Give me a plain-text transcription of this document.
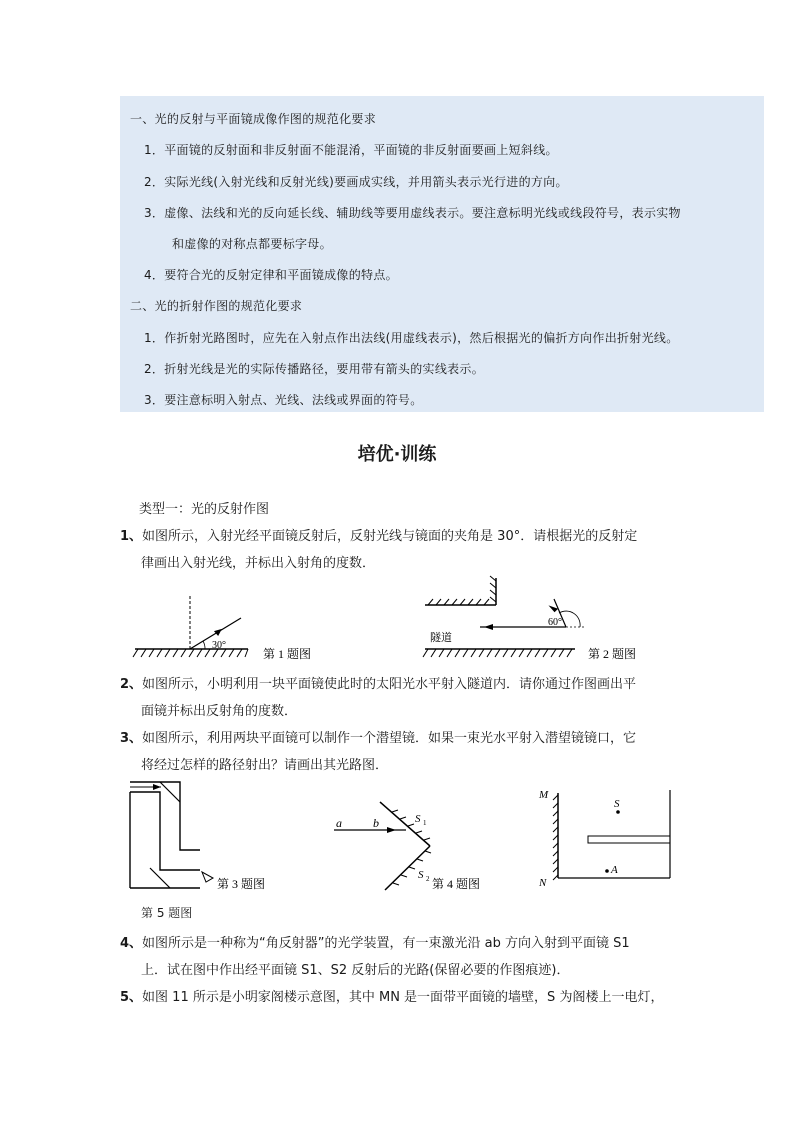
一、光的反射与平面镜成像作图的规范化要求
1．平面镜的反射面和非反射面不能混淆，平面镜的非反射面要画上短斜线。
2．实际光线(入射光线和反射光线)要画成实线，并用箭头表示光行进的方向。
3．虚像、法线和光的反向延长线、辅助线等要用虚线表示。要注意标明光线或线段符号，表示实物
和虚像的对称点都要标字母。
4．要符合光的反射定律和平面镜成像的特点。
二、光的折射作图的规范化要求
1．作折射光路图时，应先在入射点作出法线(用虚线表示)，然后根据光的偏折方向作出折射光线。
2．折射光线是光的实际传播路径，要用带有箭头的实线表示。
3．要注意标明入射点、光线、法线或界面的符号。
培优·训练
类型一：光的反射作图
1、如图所示，入射光经平面镜反射后，反射光线与镜面的夹角是 30°．请根据光的反射定
律画出入射光线，并标出入射角的度数．
30°
第 1 题图
60°
隧道
第 2 题图
2、如图所示，小明利用一块平面镜使此时的太阳光水平射入隧道内．请你通过作图画出平
面镜并标出反射角的度数．
3、如图所示，利用两块平面镜可以制作一个潜望镜．如果一束光水平射入潜望镜镜口，它
将经过怎样的路径射出？请画出其光路图．
第 3 题图
a	b	S 1
S 2 第 4 题图
M
N
S
A
第 5 题图
4、如图所示是一种称为“角反射器”的光学装置，有一束激光沿 ab 方向入射到平面镜 S1
上．试在图中作出经平面镜 S1、S2 反射后的光路(保留必要的作图痕迹)．
5、如图 11 所示是小明家阁楼示意图，其中 MN 是一面带平面镜的墙壁，S 为阁楼上一电灯，
